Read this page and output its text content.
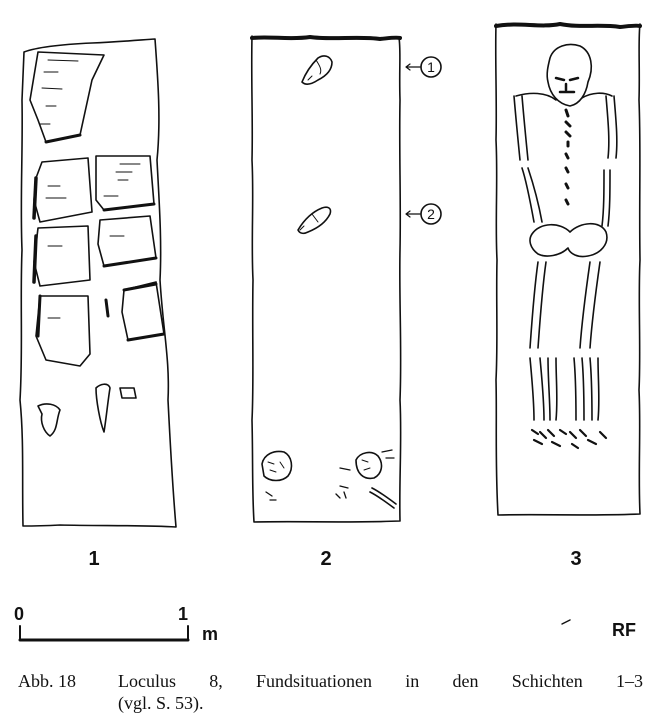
1
2
1	2	3
0	1
m	RF
Abb. 18 Loculus 8, Fundsituationen in den Schichten 1–3
(vgl. S. 53).
